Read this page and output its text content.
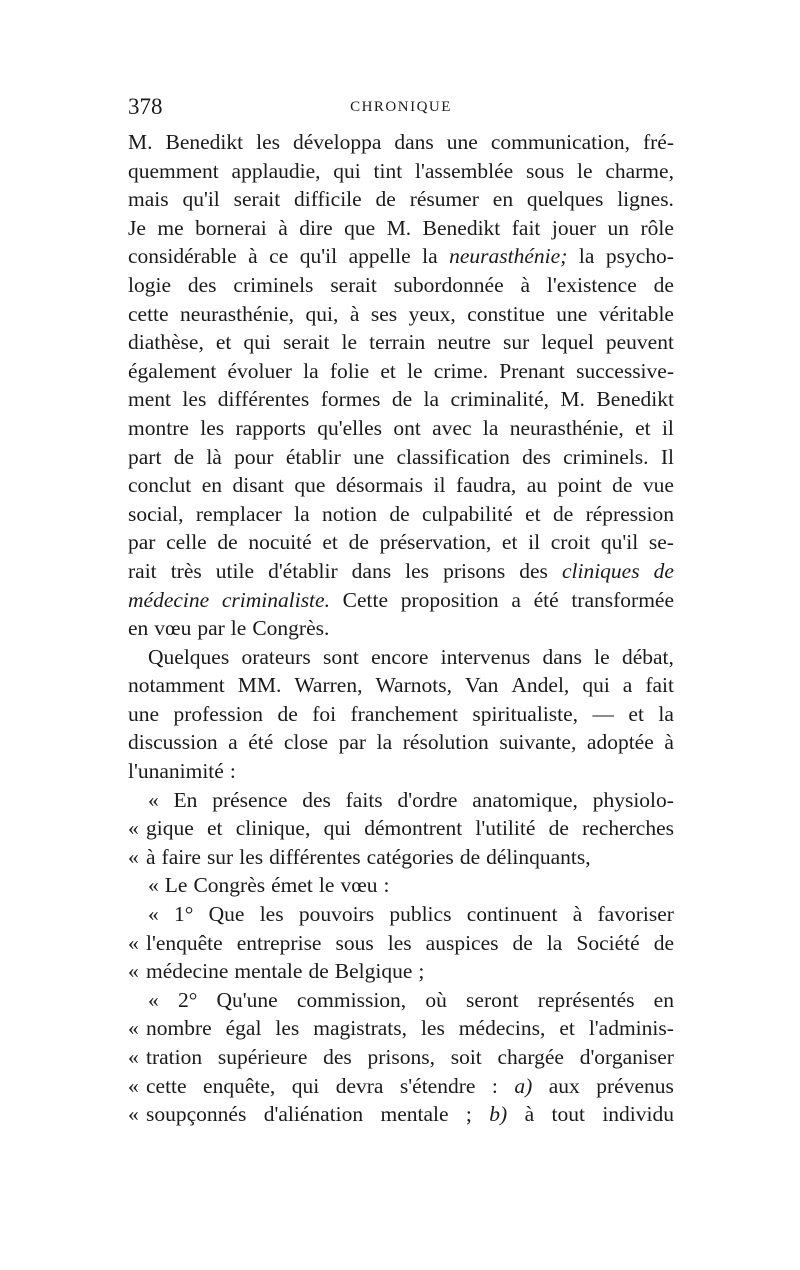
378	CHRONIQUE
M. Benedikt les développa dans une communication, fré-
quemment applaudie, qui tint l'assemblée sous le charme,
mais qu'il serait difficile de résumer en quelques lignes.
Je me bornerai à dire que M. Benedikt fait jouer un rôle
considérable à ce qu'il appelle la neurasthénie; la psycho-
logie des criminels serait subordonnée à l'existence de
cette neurasthénie, qui, à ses yeux, constitue une véritable
diathèse, et qui serait le terrain neutre sur lequel peuvent
également évoluer la folie et le crime. Prenant successive-
ment les différentes formes de la criminalité, M. Benedikt
montre les rapports qu'elles ont avec la neurasthénie, et il
part de là pour établir une classification des criminels. Il
conclut en disant que désormais il faudra, au point de vue
social, remplacer la notion de culpabilité et de répression
par celle de nocuité et de préservation, et il croit qu'il se-
rait très utile d'établir dans les prisons des cliniques de
médecine criminaliste. Cette proposition a été transformée
en vœu par le Congrès.
Quelques orateurs sont encore intervenus dans le débat,
notamment MM. Warren, Warnots, Van Andel, qui a fait
une profession de foi franchement spiritualiste, — et la
discussion a été close par la résolution suivante, adoptée à
l'unanimité :
« En présence des faits d'ordre anatomique, physiolo-
« gique et clinique, qui démontrent l'utilité de recherches
« à faire sur les différentes catégories de délinquants,
« Le Congrès émet le vœu :
« 1° Que les pouvoirs publics continuent à favoriser
« l'enquête entreprise sous les auspices de la Société de
« médecine mentale de Belgique ;
« 2° Qu'une commission, où seront représentés en
« nombre égal les magistrats, les médecins, et l'adminis-
« tration supérieure des prisons, soit chargée d'organiser
« cette enquête, qui devra s'étendre : a) aux prévenus
« soupçonnés d'aliénation mentale ; b) à tout individu
